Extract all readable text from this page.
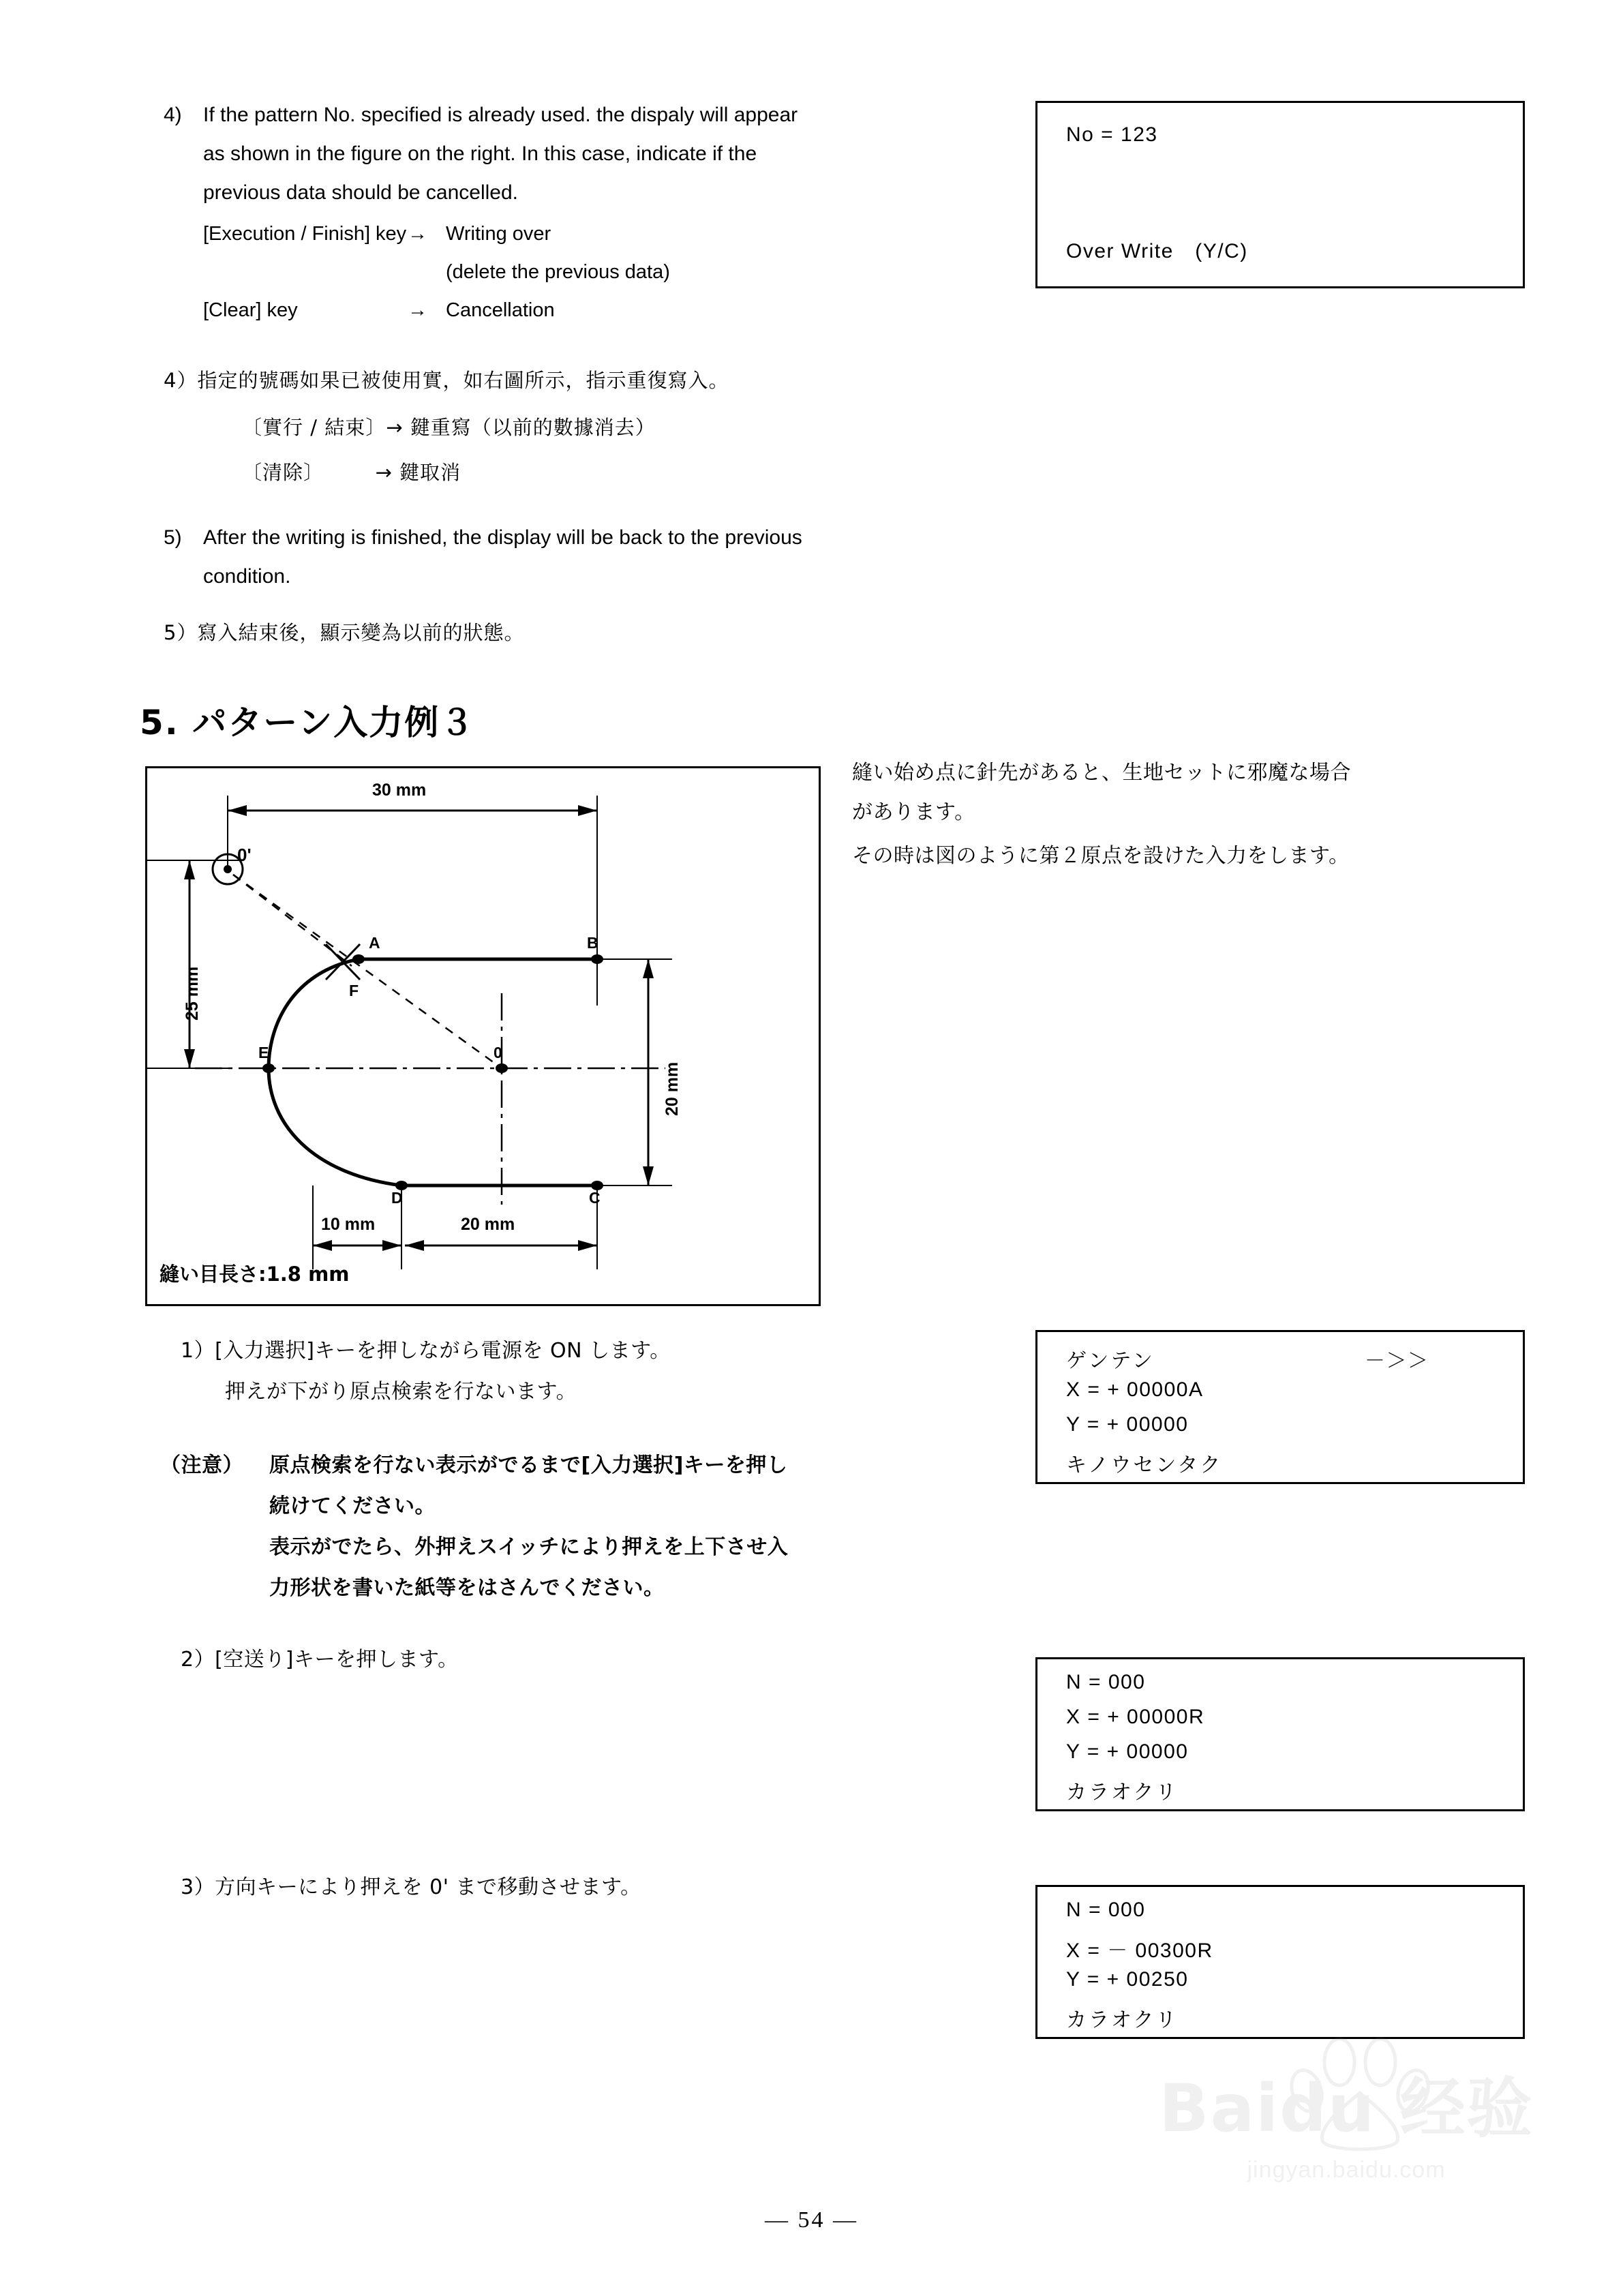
4)	If the pattern No. specified is already used. the dispaly will appear
as shown in the figure on the right. In this case, indicate if the
previous data should be cancelled.
[Execution / Finish] key → Writing over
(delete the previous data)
[Clear] key	→ Cancellation
No = 123
Over Write　(Y/C)
4）指定的號碼如果已被使用實，如右圖所示，指示重復寫入。
〔實行 / 結束〕→ 鍵重寫（以前的數據消去）
〔清除〕　　　→ 鍵取消
5)	After the writing is finished, the display will be back to the previous
condition.
5）寫入結束後，顯示變為以前的狀態。
5. パターン入力例３
縫い始め点に針先があると、生地セットに邪魔な場合
があります。
その時は図のように第２原点を設けた入力をします。
30 mm
25 mm
20 mm
10 mm	20 mm
0'
A	B
C
D
E
F
0
縫い目長さ:1.8 mm
1）[入力選択]キーを押しながら電源を ON します。
押えが下がり原点検索を行ないます。
ゲンテン	－＞＞
X = + 00000A
Y = + 00000
キノウセンタク
（注意） 原点検索を行ない表示がでるまで[入力選択]キーを押し
続けてください。
表示がでたら、外押えスイッチにより押えを上下させ入
力形状を書いた紙等をはさんでください。
2）[空送り]キーを押します。
N = 000
X = + 00000R
Y = + 00000
カラオクリ
3）方向キーにより押えを 0' まで移動させます。
N = 000
X = － 00300R
Y = + 00250
カラオクリ
Baidu 经验
jingyan.baidu.com
— 54 —
